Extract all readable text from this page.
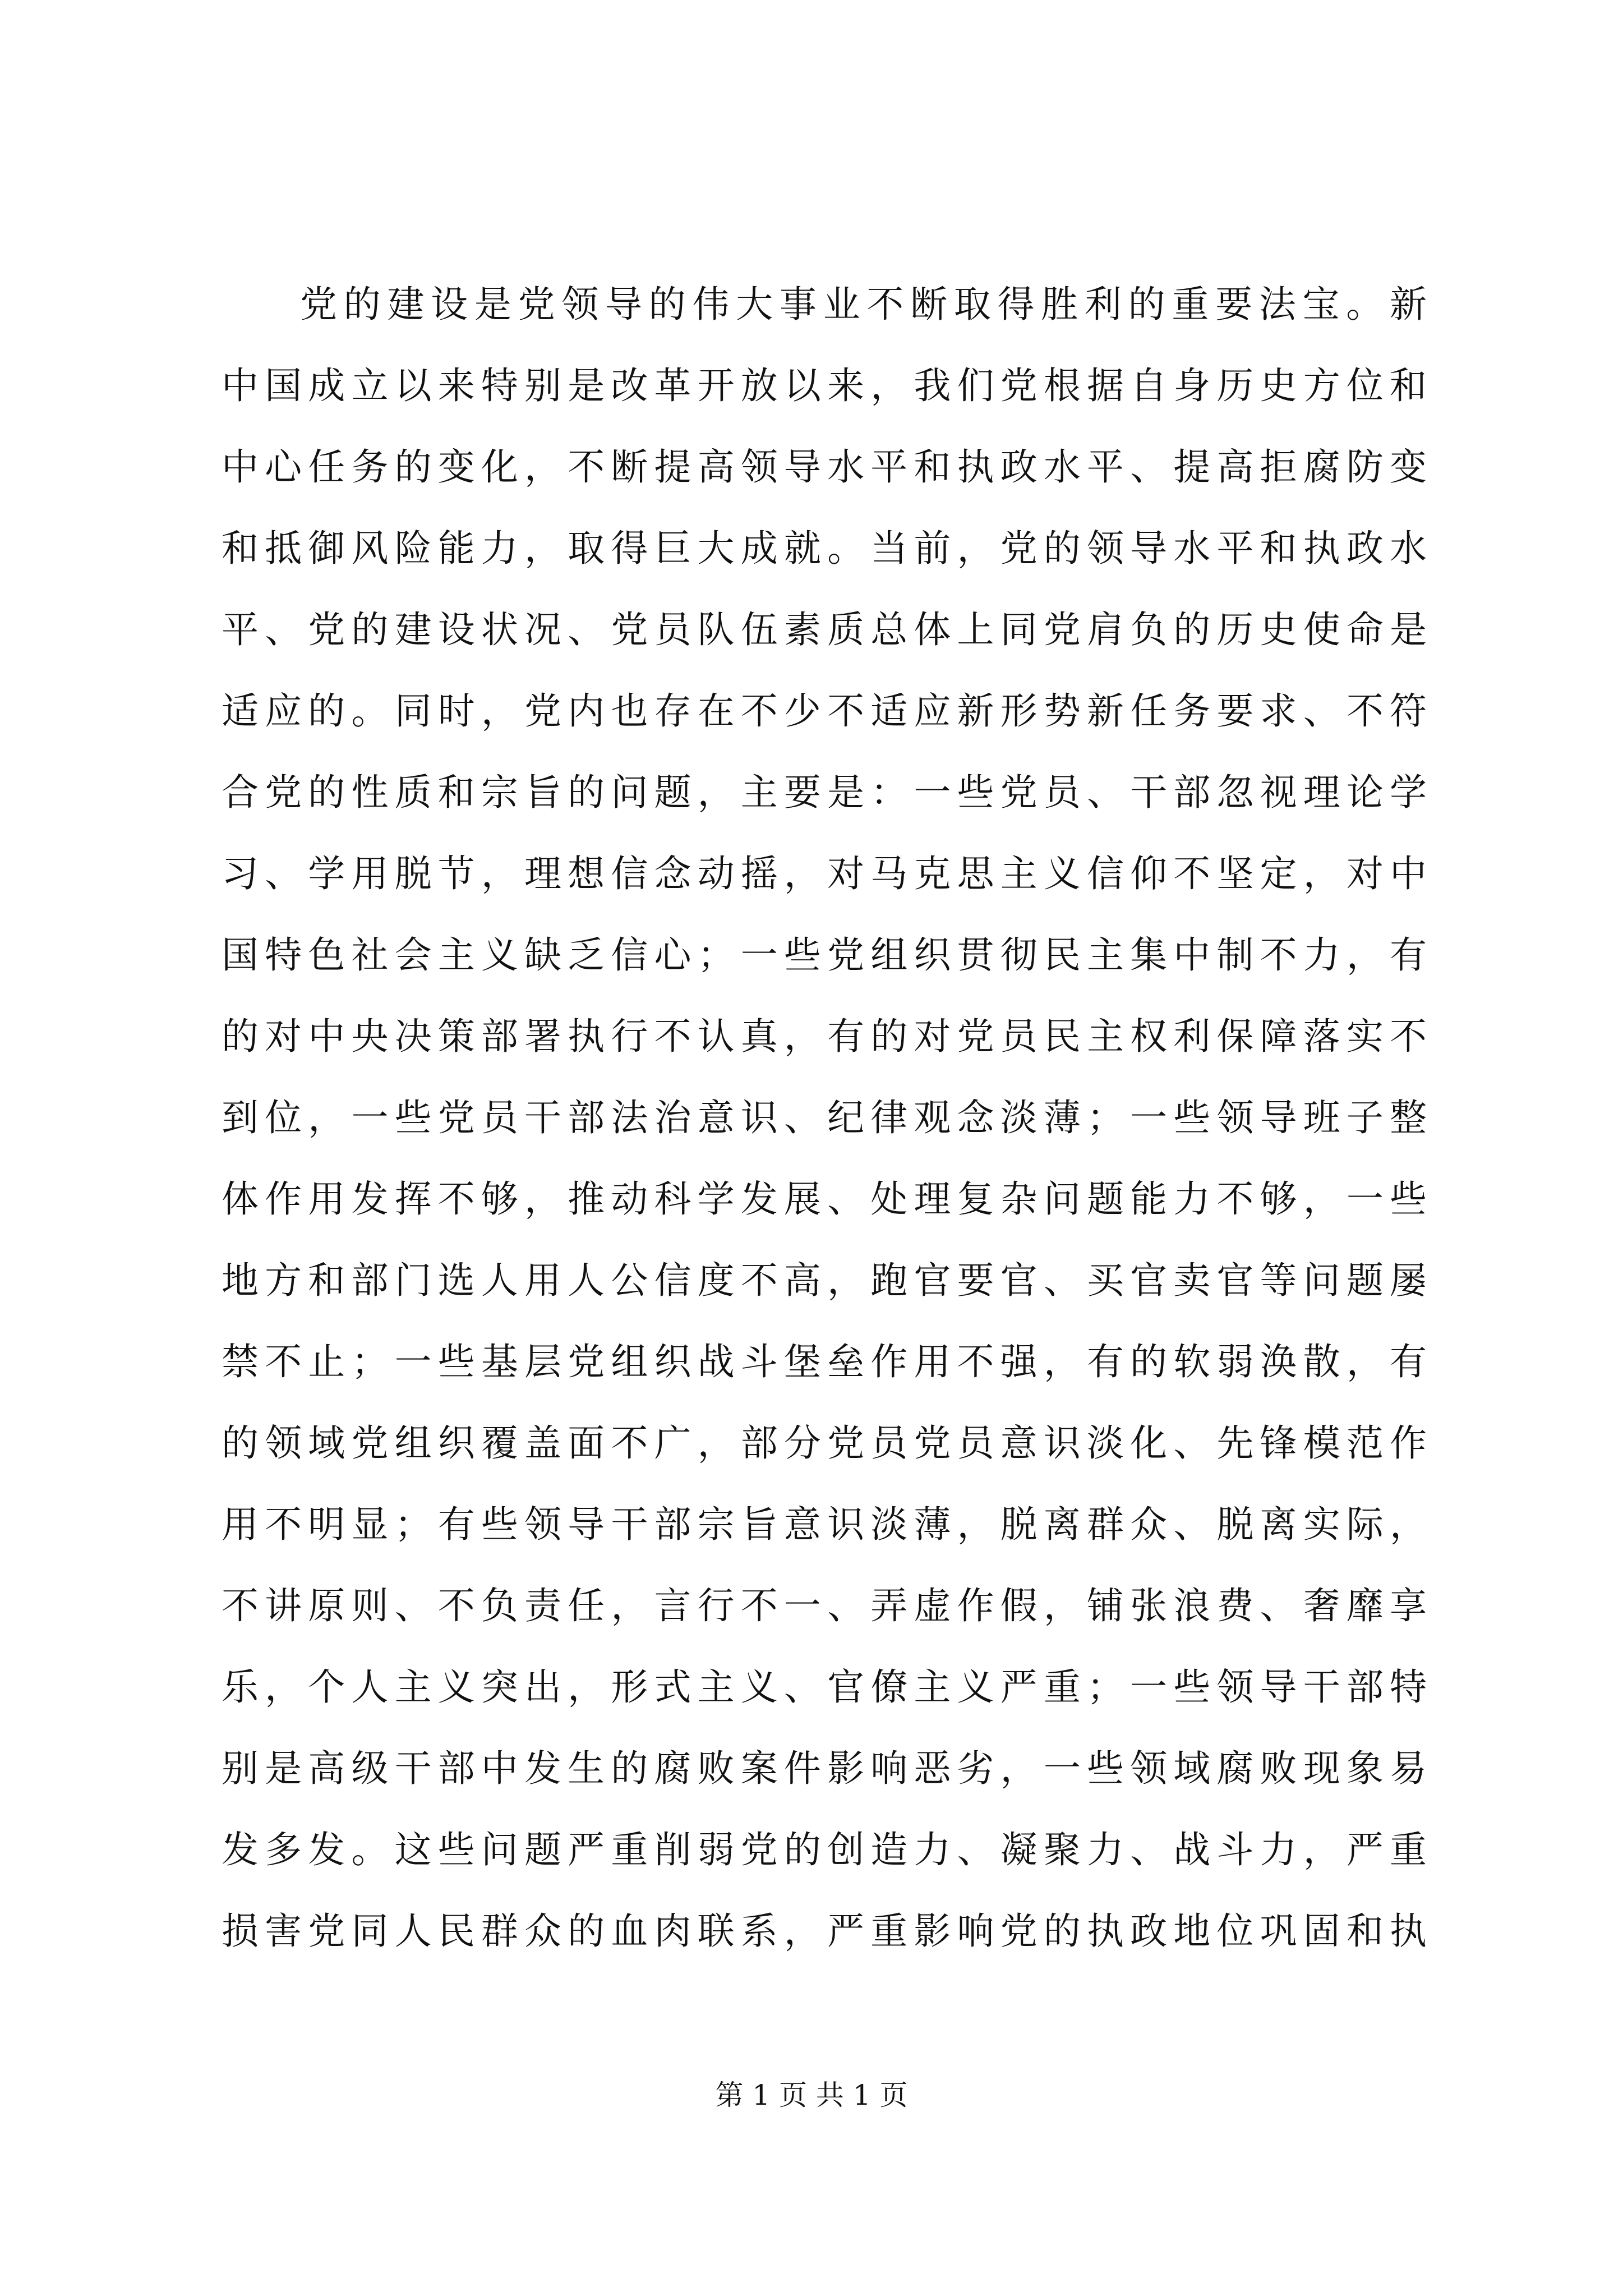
党的建设是党领导的伟大事业不断取得胜利的重要法宝。新
中国成立以来特别是改革开放以来，我们党根据自身历史方位和
中心任务的变化，不断提高领导水平和执政水平、提高拒腐防变
和抵御风险能力，取得巨大成就。当前，党的领导水平和执政水
平、党的建设状况、党员队伍素质总体上同党肩负的历史使命是
适应的。同时，党内也存在不少不适应新形势新任务要求、不符
合党的性质和宗旨的问题，主要是：一些党员、干部忽视理论学
习、学用脱节，理想信念动摇，对马克思主义信仰不坚定，对中
国特色社会主义缺乏信心；一些党组织贯彻民主集中制不力，有
的对中央决策部署执行不认真，有的对党员民主权利保障落实不
到位，一些党员干部法治意识、纪律观念淡薄；一些领导班子整
体作用发挥不够，推动科学发展、处理复杂问题能力不够，一些
地方和部门选人用人公信度不高，跑官要官、买官卖官等问题屡
禁不止；一些基层党组织战斗堡垒作用不强，有的软弱涣散，有
的领域党组织覆盖面不广，部分党员党员意识淡化、先锋模范作
用不明显；有些领导干部宗旨意识淡薄，脱离群众、脱离实际，
不讲原则、不负责任，言行不一、弄虚作假，铺张浪费、奢靡享
乐，个人主义突出，形式主义、官僚主义严重；一些领导干部特
别是高级干部中发生的腐败案件影响恶劣，一些领域腐败现象易
发多发。这些问题严重削弱党的创造力、凝聚力、战斗力，严重
损害党同人民群众的血肉联系，严重影响党的执政地位巩固和执
第 1 页 共 1 页
